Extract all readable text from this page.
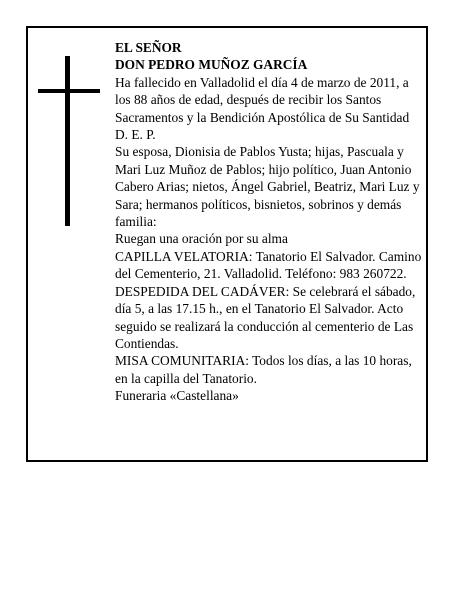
EL SEÑOR

DON PEDRO MUÑOZ GARCÍA

Ha fallecido en Valladolid el día 4 de marzo de 2011, a los 88 años de edad, después de recibir los Santos Sacramentos y la Bendición Apostólica de Su Santidad D. E. P.

Su esposa, Dionisia de Pablos Yusta; hijas, Pascuala y Mari Luz Muñoz de Pablos; hijo político, Juan Antonio Cabero Arias; nietos, Ángel Gabriel, Beatriz, Mari Luz y Sara; hermanos políticos, bisnietos, sobrinos y demás familia:

Ruegan una oración por su alma

CAPILLA VELATORIA: Tanatorio El Salvador. Camino del Cementerio, 21. Valladolid. Teléfono: 983 260722.

DESPEDIDA DEL CADÁVER: Se celebrará el sábado, día 5, a las 17.15 h., en el Tanatorio El Salvador. Acto seguido se realizará la conducción al cementerio de Las Contiendas.

MISA COMUNITARIA: Todos los días, a las 10 horas, en la capilla del Tanatorio.

Funeraria «Castellana»
